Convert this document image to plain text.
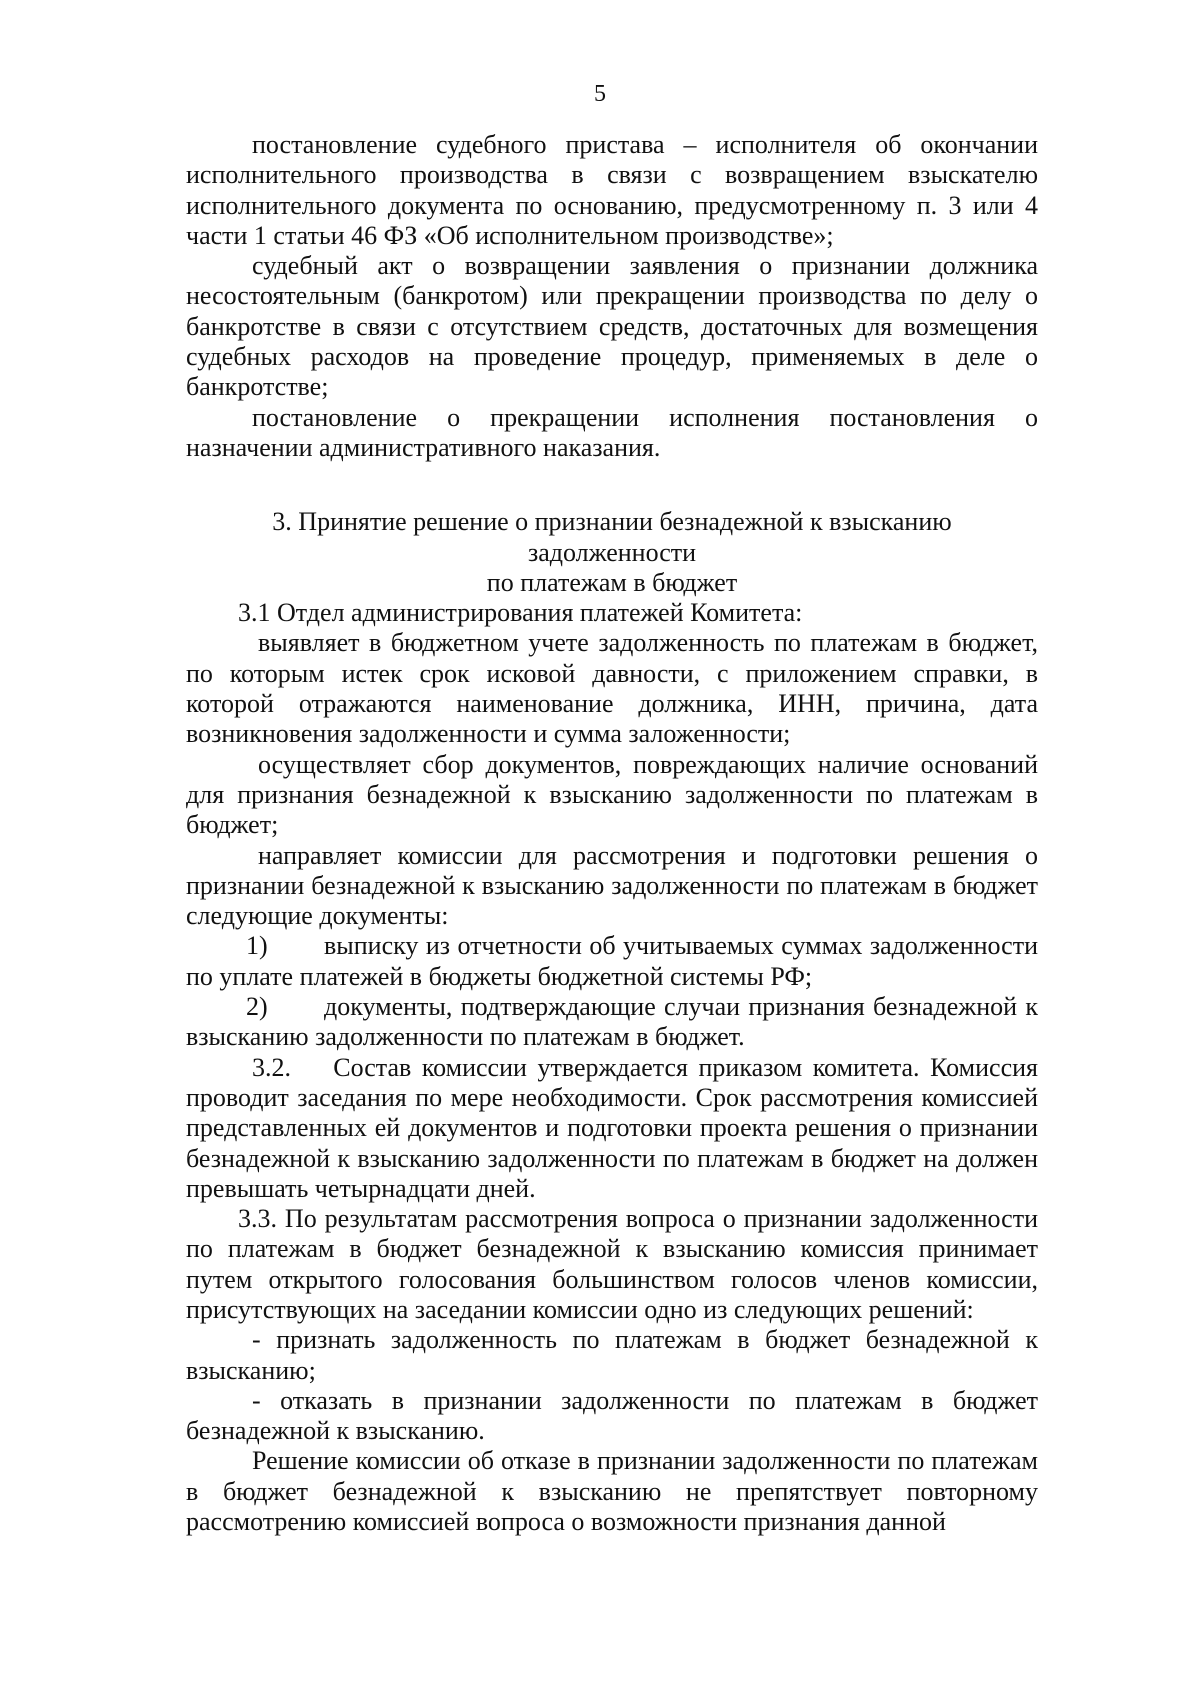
5

постановление судебного пристава – исполнителя об окончании исполнительного производства в связи с возвращением взыскателю исполнительного документа по основанию, предусмотренному п. 3 или 4 части 1 статьи 46 ФЗ «Об исполнительном производстве»;

судебный акт о возвращении заявления о признании должника несостоятельным (банкротом) или прекращении производства по делу о банкротстве в связи с отсутствием средств, достаточных для возмещения судебных расходов на проведение процедур, применяемых в деле о банкротстве;

постановление о прекращении исполнения постановления о назначении административного наказания.

3. Принятие решение о признании безнадежной к взысканию задолженности
по платежам в бюджет

3.1 Отдел администрирования платежей Комитета:

выявляет в бюджетном учете задолженность по платежам в бюджет, по которым истек срок исковой давности, с приложением справки, в которой отражаются наименование должника, ИНН, причина, дата возникновения задолженности и сумма заложенности;

осуществляет сбор документов, повреждающих наличие оснований для признания безнадежной к взысканию задолженности по платежам в бюджет;

направляет комиссии для рассмотрения и подготовки решения о признании безнадежной к взысканию задолженности по платежам в бюджет следующие документы:

1) выписку из отчетности об учитываемых суммах задолженности по уплате платежей в бюджеты бюджетной системы РФ;

2) документы, подтверждающие случаи признания безнадежной к взысканию задолженности по платежам в бюджет.

3.2.    Состав комиссии утверждается приказом комитета. Комиссия проводит заседания по мере необходимости. Срок рассмотрения комиссией представленных ей документов и подготовки проекта решения о признании безнадежной к взысканию задолженности по платежам в бюджет на должен превышать четырнадцати дней.

3.3. По результатам рассмотрения вопроса о признании задолженности по платежам в бюджет безнадежной к взысканию комиссия принимает путем открытого голосования большинством голосов членов комиссии, присутствующих на заседании комиссии одно из следующих решений:

- признать задолженность по платежам в бюджет безнадежной к взысканию;

- отказать в признании задолженности по платежам в бюджет безнадежной к взысканию.

Решение комиссии об отказе в признании задолженности по платежам в бюджет безнадежной к взысканию не препятствует повторному рассмотрению комиссией вопроса о возможности признания данной
